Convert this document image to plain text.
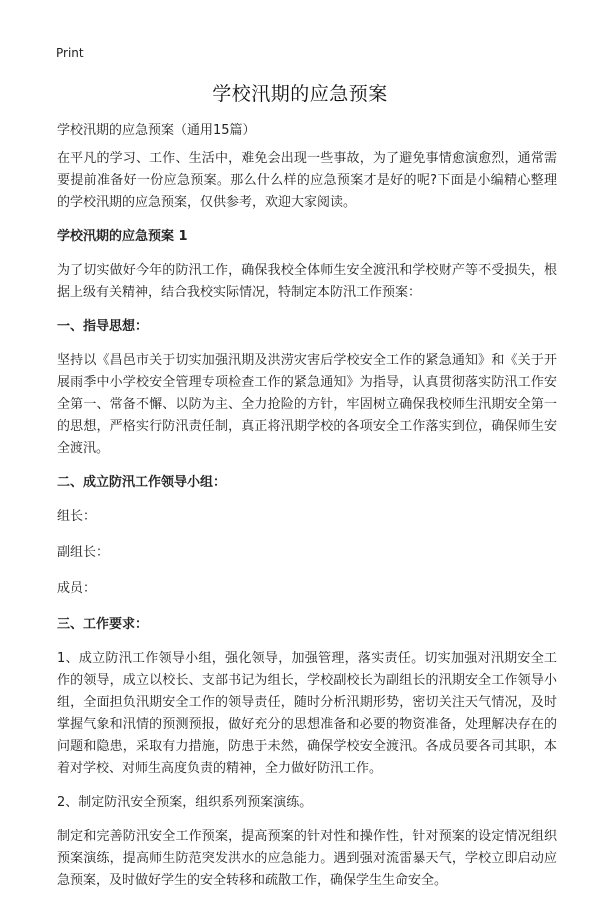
Print
学校汛期的应急预案

学校汛期的应急预案（通用15篇）

在平凡的学习、工作、生活中，难免会出现一些事故，为了避免事情愈演愈烈，通常需要提前准备好一份应急预案。那么什么样的应急预案才是好的呢?下面是小编精心整理的学校汛期的应急预案，仅供参考，欢迎大家阅读。

学校汛期的应急预案 1

为了切实做好今年的防汛工作，确保我校全体师生安全渡汛和学校财产等不受损失，根据上级有关精神，结合我校实际情况，特制定本防汛工作预案：

一、指导思想：

坚持以《昌邑市关于切实加强汛期及洪涝灾害后学校安全工作的紧急通知》和《关于开展雨季中小学校安全管理专项检查工作的紧急通知》为指导，认真贯彻落实防汛工作安全第一、常备不懈、以防为主、全力抢险的方针，牢固树立确保我校师生汛期安全第一的思想，严格实行防汛责任制，真正将汛期学校的各项安全工作落实到位，确保师生安全渡汛。

二、成立防汛工作领导小组：

组长：

副组长：

成员：

三、工作要求：

1、成立防汛工作领导小组，强化领导，加强管理，落实责任。切实加强对汛期安全工作的领导，成立以校长、支部书记为组长，学校副校长为副组长的汛期安全工作领导小组，全面担负汛期安全工作的领导责任，随时分析汛期形势，密切关注天气情况，及时掌握气象和汛情的预测预报，做好充分的思想准备和必要的物资准备，处理解决存在的问题和隐患，采取有力措施，防患于未然，确保学校安全渡汛。各成员要各司其职，本着对学校、对师生高度负责的精神，全力做好防汛工作。

2、制定防汛安全预案，组织系列预案演练。

制定和完善防汛安全工作预案，提高预案的针对性和操作性，针对预案的设定情况组织预案演练，提高师生防范突发洪水的应急能力。遇到强对流雷暴天气，学校立即启动应急预案，及时做好学生的安全转移和疏散工作，确保学生生命安全。
